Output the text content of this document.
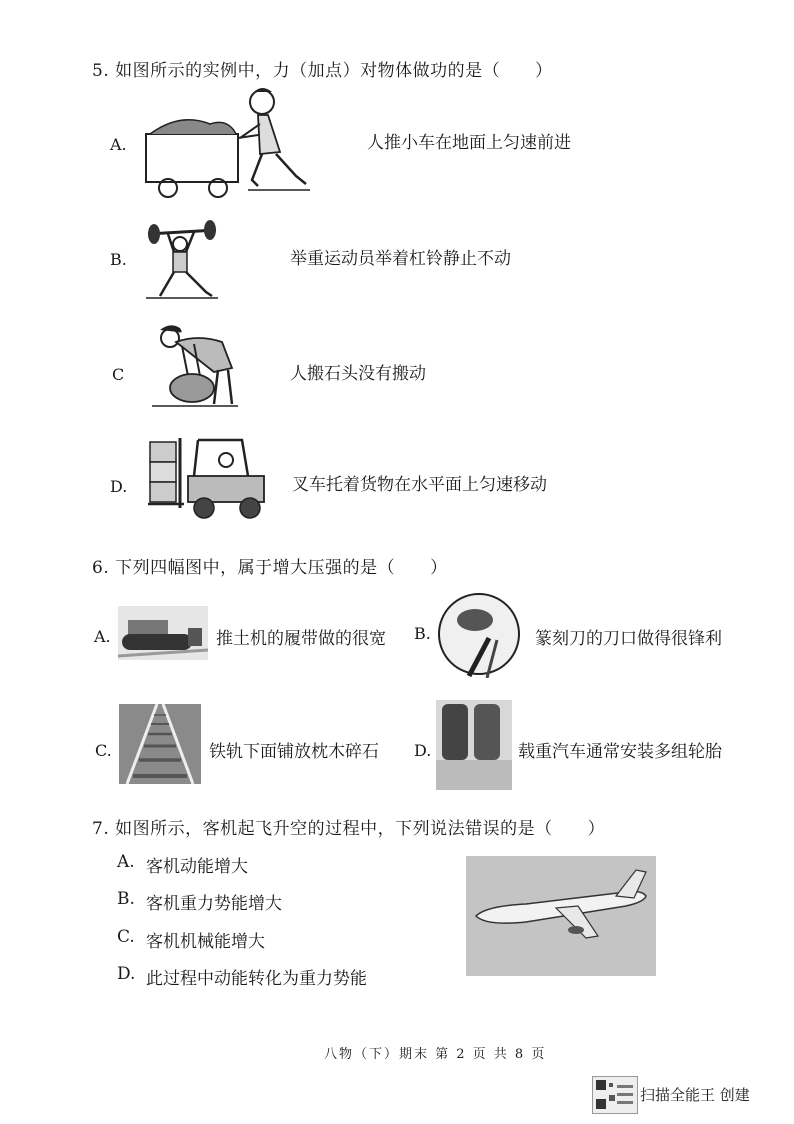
5. 如图所示的实例中，力（加点）对物体做功的是（　　）
A.	人推小车在地面上匀速前进
B.	举重运动员举着杠铃静止不动
C	人搬石头没有搬动
D.	叉车托着货物在水平面上匀速移动
6. 下列四幅图中，属于增大压强的是（　　）
A.	推土机的履带做的很宽 B.	篆刻刀的刀口做得很锋利
C.	铁轨下面铺放枕木碎石 D.	载重汽车通常安装多组轮胎
7. 如图所示，客机起飞升空的过程中，下列说法错误的是（　　）
A. 客机动能增大
B. 客机重力势能增大
C. 客机机械能增大
D. 此过程中动能转化为重力势能
八物（下）期末 第 2 页 共 8 页
扫描全能王 创建
